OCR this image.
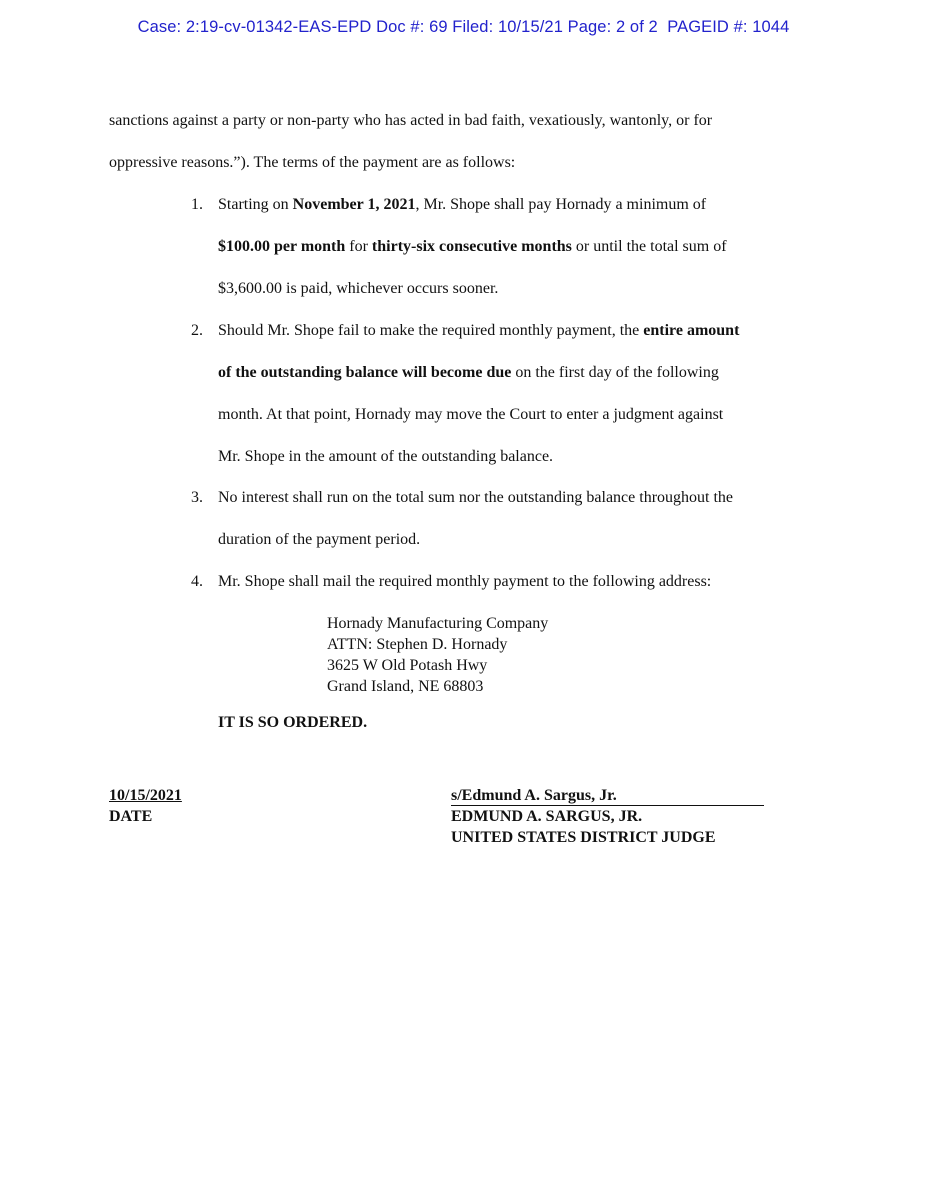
Case: 2:19-cv-01342-EAS-EPD Doc #: 69 Filed: 10/15/21 Page: 2 of 2  PAGEID #: 1044
sanctions against a party or non-party who has acted in bad faith, vexatiously, wantonly, or for
oppressive reasons.”). The terms of the payment are as follows:
1. Starting on November 1, 2021, Mr. Shope shall pay Hornady a minimum of
$100.00 per month for thirty-six consecutive months or until the total sum of
$3,600.00 is paid, whichever occurs sooner.
2. Should Mr. Shope fail to make the required monthly payment, the entire amount
of the outstanding balance will become due on the first day of the following
month. At that point, Hornady may move the Court to enter a judgment against
Mr. Shope in the amount of the outstanding balance.
3. No interest shall run on the total sum nor the outstanding balance throughout the
duration of the payment period.
4. Mr. Shope shall mail the required monthly payment to the following address:
Hornady Manufacturing Company
ATTN: Stephen D. Hornady
3625 W Old Potash Hwy
Grand Island, NE 68803
IT IS SO ORDERED.
10/15/2021
DATE
s/Edmund A. Sargus, Jr.
EDMUND A. SARGUS, JR.
UNITED STATES DISTRICT JUDGE
